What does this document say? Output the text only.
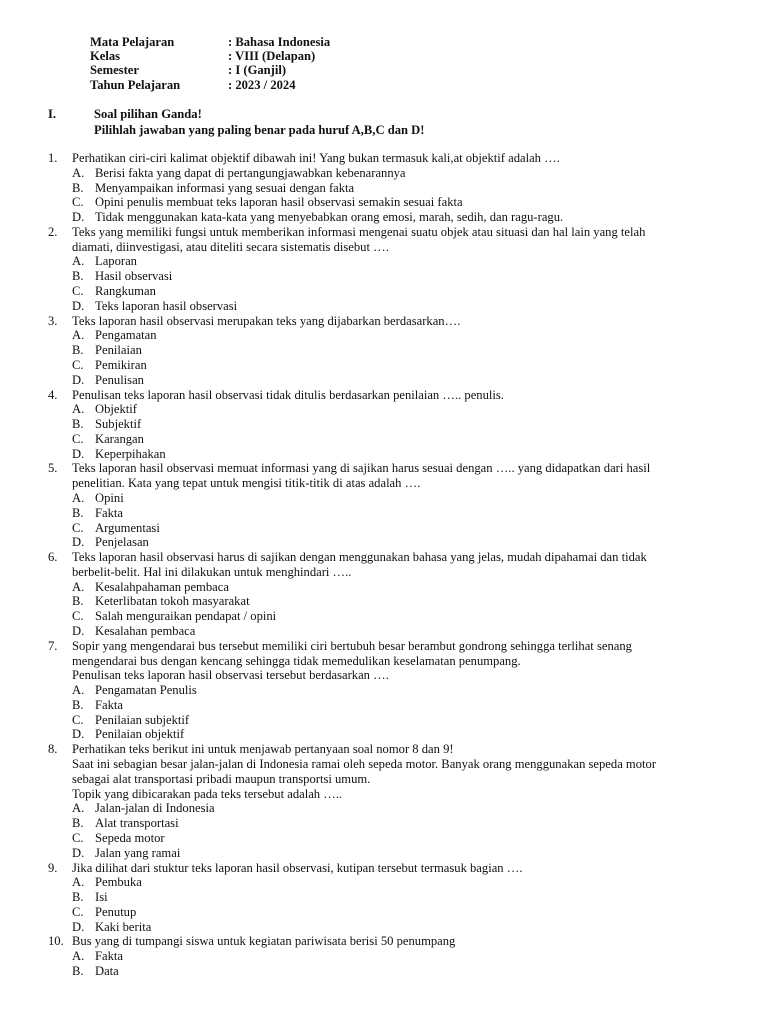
Mata Pelajaran	: Bahasa Indonesia
Kelas	: VIII (Delapan)
Semester	: I (Ganjil)
Tahun Pelajaran	: 2023 / 2024
I.	Soal pilihan Ganda!
Pilihlah jawaban yang paling benar pada huruf A,B,C dan D!
1.	Perhatikan ciri-ciri kalimat objektif dibawah ini! Yang bukan termasuk kali,at objektif adalah ….
A. Berisi fakta yang dapat di pertangungjawabkan kebenarannya
B. Menyampaikan informasi yang sesuai dengan fakta
C. Opini penulis membuat teks laporan hasil observasi semakin sesuai fakta
D. Tidak menggunakan kata-kata yang menyebabkan orang emosi, marah, sedih, dan ragu-ragu.
2.	Teks yang memiliki fungsi untuk memberikan informasi mengenai suatu objek atau situasi dan hal lain yang telah
diamati, diinvestigasi, atau diteliti secara sistematis disebut ….
A. Laporan
B. Hasil observasi
C. Rangkuman
D. Teks laporan hasil observasi
3.	Teks laporan hasil observasi merupakan teks yang dijabarkan berdasarkan….
A. Pengamatan
B. Penilaian
C. Pemikiran
D. Penulisan
4.	Penulisan teks laporan hasil observasi tidak ditulis berdasarkan penilaian ….. penulis.
A. Objektif
B. Subjektif
C. Karangan
D. Keperpihakan
5.	Teks laporan hasil observasi memuat informasi yang di sajikan harus sesuai dengan ….. yang didapatkan dari hasil
penelitian. Kata yang tepat untuk mengisi titik-titik di atas adalah ….
A. Opini
B. Fakta
C. Argumentasi
D. Penjelasan
6.	Teks laporan hasil observasi harus di sajikan dengan menggunakan bahasa yang jelas, mudah dipahamai dan tidak
berbelit-belit. Hal ini dilakukan untuk menghindari …..
A. Kesalahpahaman pembaca
B. Keterlibatan tokoh masyarakat
C. Salah menguraikan pendapat / opini
D. Kesalahan pembaca
7.	Sopir yang mengendarai bus tersebut memiliki ciri bertubuh besar berambut gondrong sehingga terlihat senang
mengendarai bus dengan kencang sehingga tidak memedulikan keselamatan penumpang.
Penulisan teks laporan hasil observasi tersebut berdasarkan ….
A. Pengamatan Penulis
B. Fakta
C. Penilaian subjektif
D. Penilaian objektif
8.	Perhatikan teks berikut ini untuk menjawab pertanyaan soal nomor 8 dan 9!
Saat ini sebagian besar jalan-jalan di Indonesia ramai oleh sepeda motor. Banyak orang menggunakan sepeda motor
sebagai alat transportasi pribadi maupun transportsi umum.
Topik yang dibicarakan pada teks tersebut adalah …..
A. Jalan-jalan di Indonesia
B. Alat transportasi
C. Sepeda motor
D. Jalan yang ramai
9.	Jika dilihat dari stuktur teks laporan hasil observasi, kutipan tersebut termasuk bagian ….
A. Pembuka
B. Isi
C. Penutup
D. Kaki berita
10. Bus yang di tumpangi siswa untuk kegiatan pariwisata berisi 50 penumpang
A. Fakta
B. Data
